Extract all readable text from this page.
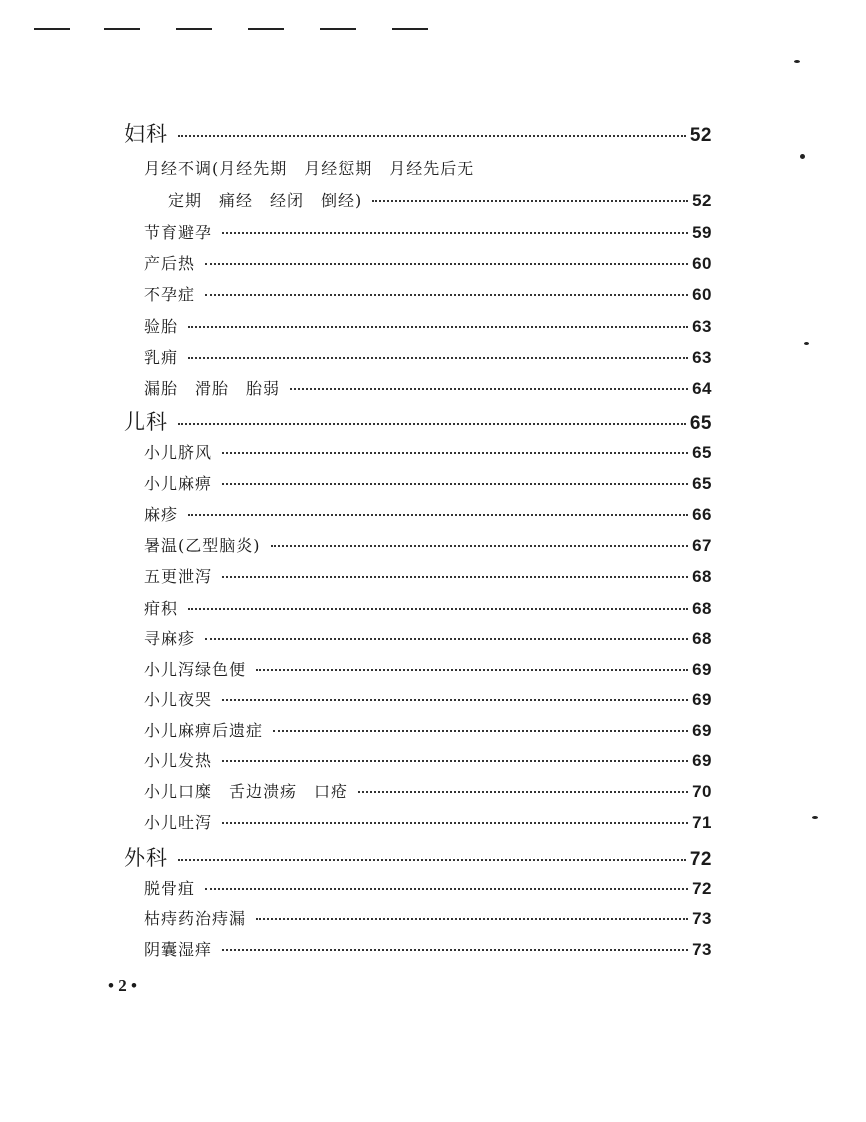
妇科	52
月经不调(月经先期　月经愆期　月经先后无
定期　痛经　经闭　倒经)	52
节育避孕	59
产后热	60
不孕症	60
验胎	63
乳痈	63
漏胎　滑胎　胎弱	64
儿科	65
小儿脐风	65
小儿麻痹	65
麻疹	66
暑温(乙型脑炎)	67
五更泄泻	68
疳积	68
寻麻疹	68
小儿泻绿色便	69
小儿夜哭	69
小儿麻痹后遗症	69
小儿发热	69
小儿口糜　舌边溃疡　口疮	70
小儿吐泻	71
外科	72
脱骨疽	72
枯痔药治痔漏	73
阴囊湿痒	73
• 2 •
